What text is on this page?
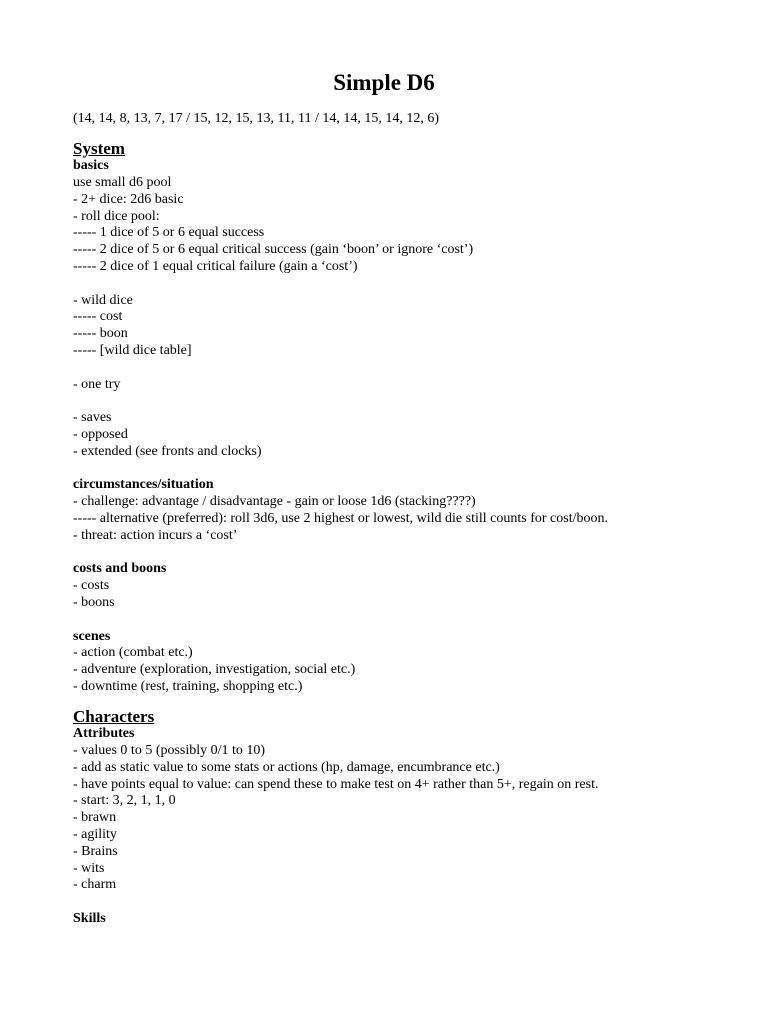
Simple D6
(14, 14, 8, 13, 7, 17 / 15, 12, 15, 13, 11, 11 / 14, 14, 15, 14, 12, 6)
System
basics
use small d6 pool
- 2+ dice: 2d6 basic
- roll dice pool:
----- 1 dice of 5 or 6 equal success
----- 2 dice of 5 or 6 equal critical success (gain ‘boon’ or ignore ‘cost’)
----- 2 dice of 1 equal critical failure (gain a ‘cost’)
- wild dice
----- cost
----- boon
----- [wild dice table]
- one try
- saves
- opposed
- extended (see fronts and clocks)
circumstances/situation
- challenge: advantage / disadvantage - gain or loose 1d6 (stacking????)
----- alternative (preferred): roll 3d6, use 2 highest or lowest, wild die still counts for cost/boon.
- threat: action incurs a ‘cost’
costs and boons
- costs
- boons
scenes
- action (combat etc.)
- adventure (exploration, investigation, social etc.)
- downtime (rest, training, shopping etc.)
Characters
Attributes
- values 0 to 5 (possibly 0/1 to 10)
- add as static value to some stats or actions (hp, damage, encumbrance etc.)
- have points equal to value: can spend these to make test on 4+ rather than 5+, regain on rest.
- start: 3, 2, 1, 1, 0
- brawn
- agility
- Brains
- wits
- charm
Skills
